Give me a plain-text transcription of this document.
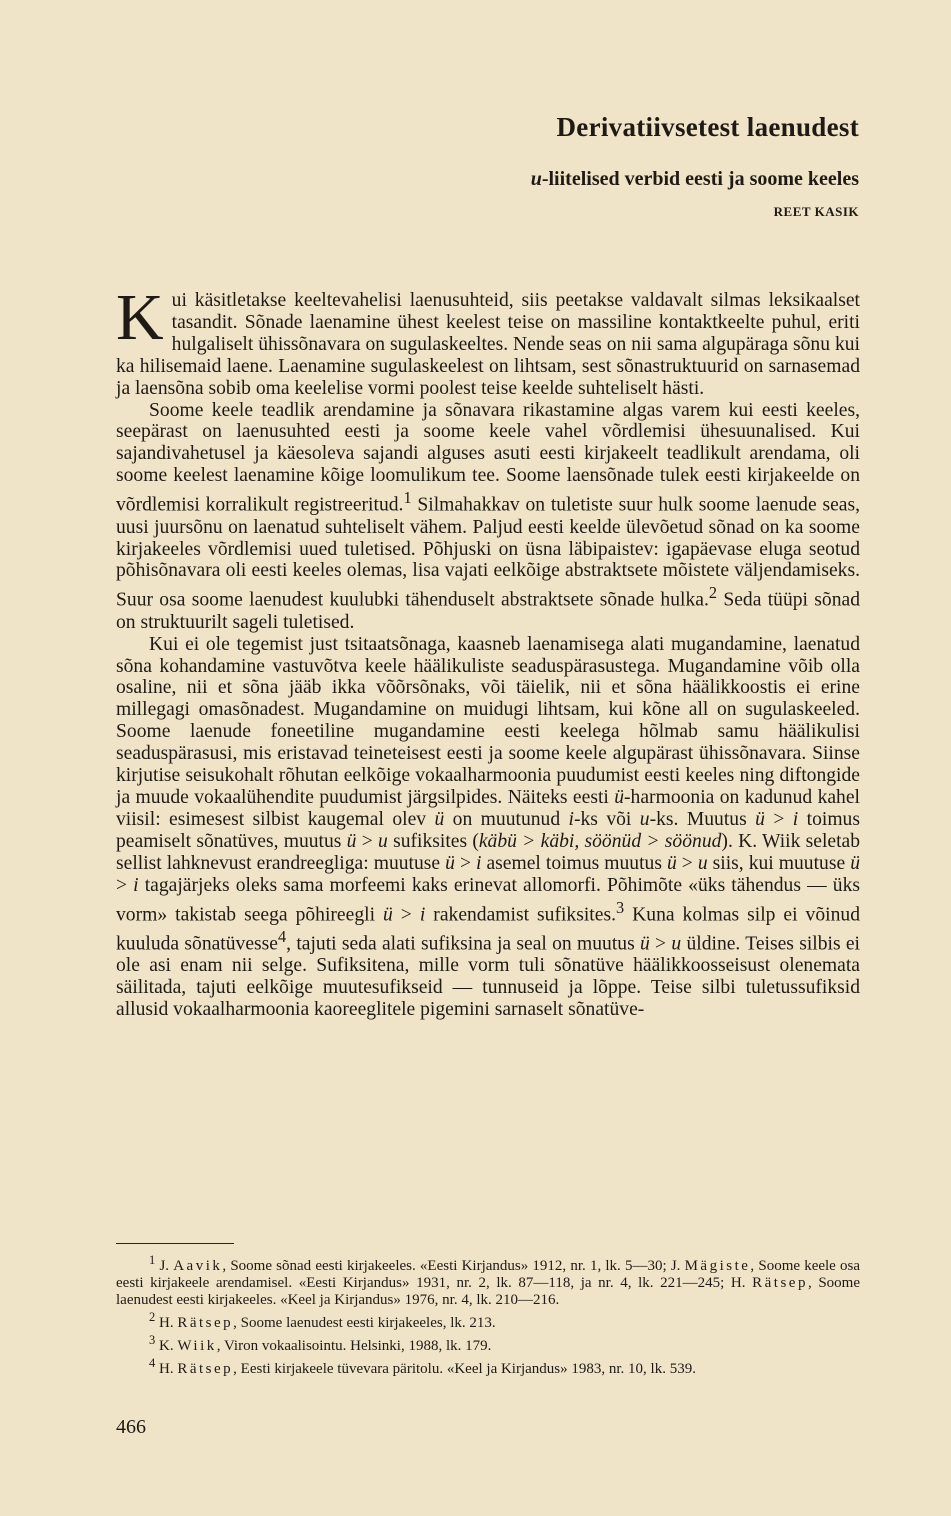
Derivatiivsetest laenudest
u-liitelised verbid eesti ja soome keeles
REET KASIK

Kui käsitletakse keeltevahelisi laenusuhteid, siis peetakse valdavalt silmas leksikaalset tasandit. Sõnade laenamine ühest keelest teise on massiline kontaktkeelte puhul, eriti hulgaliselt ühissõnavara on sugulaskeeltes. Nende seas on nii sama algupäraga sõnu kui ka hilisemaid laene. Laenamine sugulaskeelest on lihtsam, sest sõnastruktuurid on sarnasemad ja laensõna sobib oma keelelise vormi poolest teise keelde suhteliselt hästi.

Soome keele teadlik arendamine ja sõnavara rikastamine algas varem kui eesti keeles, seepärast on laenusuhted eesti ja soome keele vahel võrdlemisi ühesuunalised. Kui sajandivahetusel ja käesoleva sajandi alguses asuti eesti kirjakeelt teadlikult arendama, oli soome keelest laenamine kõige loomulikum tee. Soome laensõnade tulek eesti kirjakeelde on võrdlemisi korralikult registreeritud.$^1$ Silmahakkav on tuletiste suur hulk soome laenude seas, uusi juursõnu on laenatud suhteliselt vähem. Paljud eesti keelde ülevõetud sõnad on ka soome kirjakeeles võrdlemisi uued tuletised. Põhjuski on üsna läbipaistev: igapäevase eluga seotud põhisõnavara oli eesti keeles olemas, lisa vajati eelkõige abstraktsete mõistete väljendamiseks. Suur osa soome laenudest kuulubki tähenduselt abstraktsete sõnade hulka.$^2$ Seda tüüpi sõnad on struktuurilt sageli tuletised.

Kui ei ole tegemist just tsitaatsõnaga, kaasneb laenamisega alati mugandamine, laenatud sõna kohandamine vastuvõtva keele häälikuliste seaduspärasustega. Mugandamine võib olla osaline, nii et sõna jääb ikka võõrsõnaks, või täielik, nii et sõna häälikkoostis ei erine millegagi omasõnadest. Mugandamine on muidugi lihtsam, kui kõne all on sugulaskeeled. Soome laenude foneetiline mugandamine eesti keelega hõlmab samu häälikulisi seaduspärasusi, mis eristavad teineteisest eesti ja soome keele algupärast ühissõnavara. Siinse kirjutise seisukohalt rõhutan eelkõige vokaalharmoonia puudumist eesti keeles ning diftongide ja muude vokaalühendite puudumist järgsilpides. Näiteks eesti ü-harmoonia on kadunud kahel viisil: esimesest silbist kaugemal olev ü on muutunud i-ks või u-ks. Muutus ü > i toimus peamiselt sõnatüves, muutus ü > u sufiksites (käbü > käbi, söönüd > söönud). K. Wiik seletab sellist lahknevust erandreegliga: muutuse ü > i asemel toimus muutus ü > u siis, kui muutuse ü > i tagajärjeks oleks sama morfeemi kaks erinevat allomorfi. Põhimõte «üks tähendus — üks vorm» takistab seega põhireegli ü > i rakendamist sufiksites.$^3$ Kuna kolmas silp ei võinud kuuluda sõnatüvesse$^4$, tajuti seda alati sufiksina ja seal on muutus ü > u üldine. Teises silbis ei ole asi enam nii selge. Sufiksitena, mille vorm tuli sõnatüve häälikkoosseisust olenemata säilitada, tajuti eelkõige muutesufikseid — tunnuseid ja lõppe. Teise silbi tuletussufiksid allusid vokaalharmoonia kaoreeglitele pigemini sarnaselt sõnatüve-

$^1$ J. Aavik, Soome sõnad eesti kirjakeeles. «Eesti Kirjandus» 1912, nr. 1, lk. 5—30; J. Mägiste, Soome keele osa eesti kirjakeele arendamisel. «Eesti Kirjandus» 1931, nr. 2, lk. 87—118, ja nr. 4, lk. 221—245; H. Rätsep, Soome laenudest eesti kirjakeeles. «Keel ja Kirjandus» 1976, nr. 4, lk. 210—216.

$^2$ H. Rätsep, Soome laenudest eesti kirjakeeles, lk. 213.

$^3$ K. Wiik, Viron vokaalisointu. Helsinki, 1988, lk. 179.

$^4$ H. Rätsep, Eesti kirjakeele tüvevara päritolu. «Keel ja Kirjandus» 1983, nr. 10, lk. 539.

466
